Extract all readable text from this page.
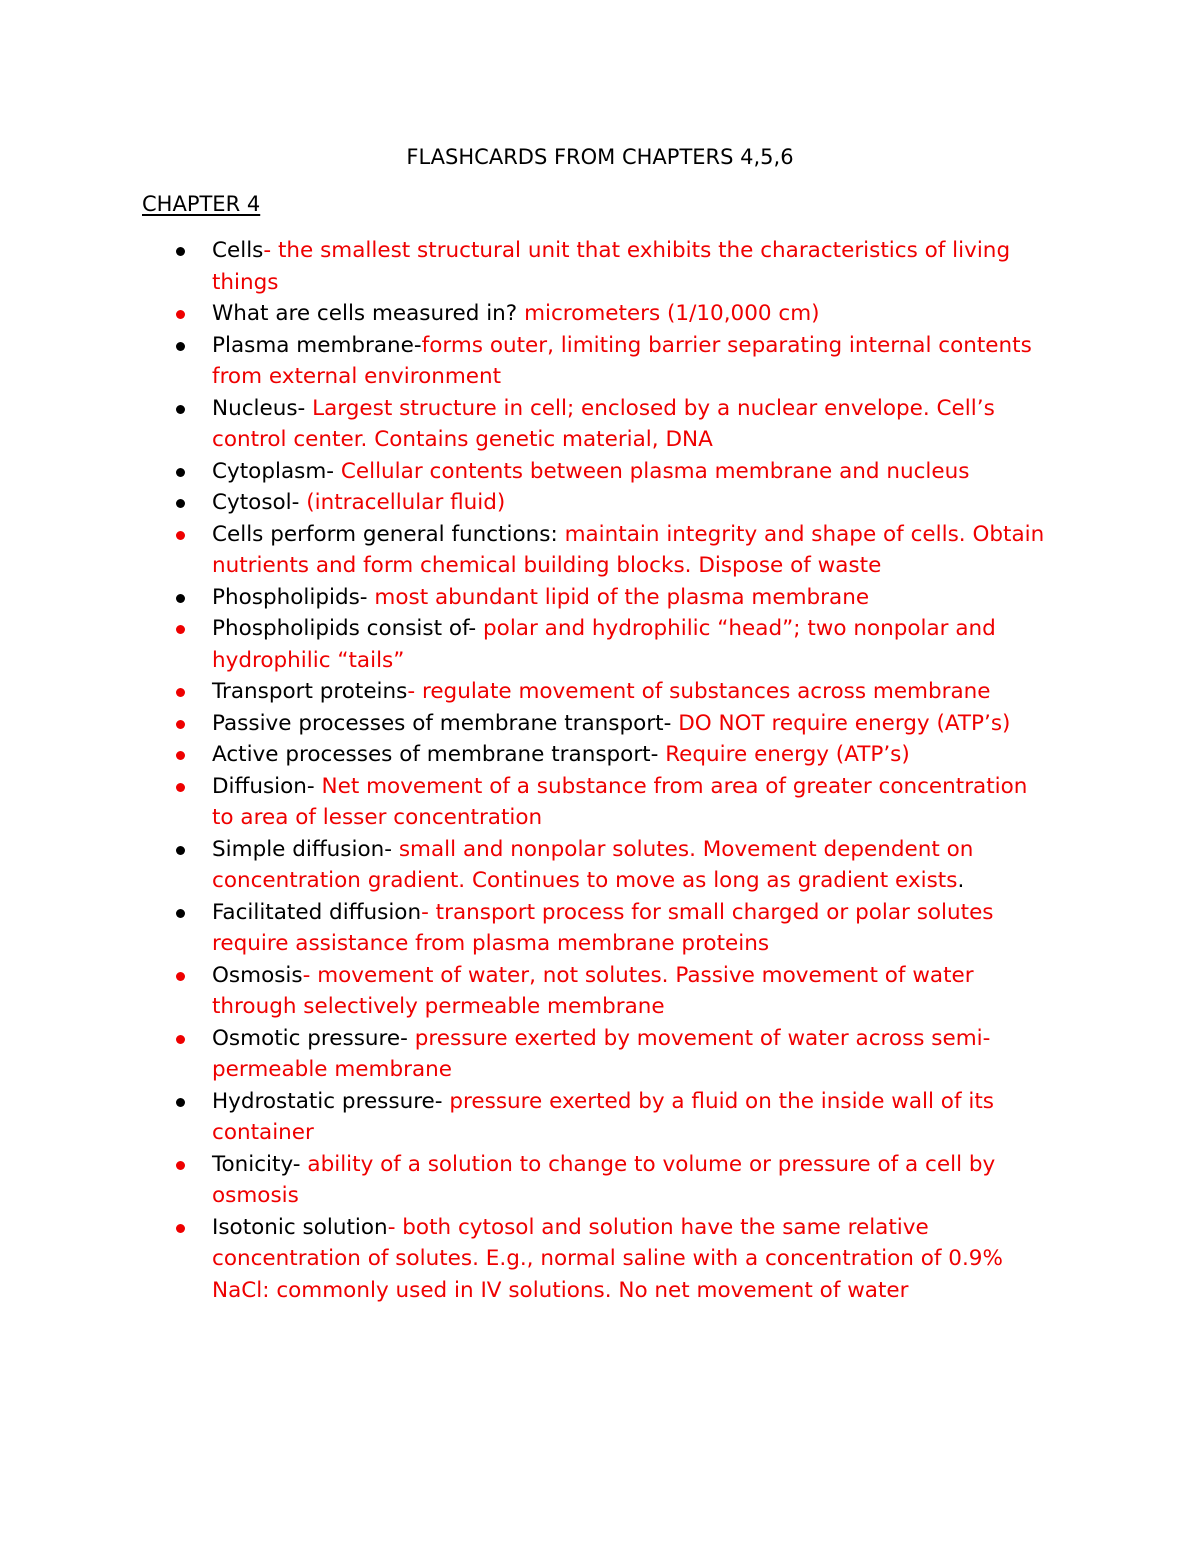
FLASHCARDS FROM CHAPTERS 4,5,6
CHAPTER 4
Cells- the smallest structural unit that exhibits the characteristics of living things
What are cells measured in? micrometers (1/10,000 cm)
Plasma membrane-forms outer, limiting barrier separating internal contents from external environment
Nucleus- Largest structure in cell; enclosed by a nuclear envelope. Cell’s control center. Contains genetic material, DNA
Cytoplasm- Cellular contents between plasma membrane and nucleus
Cytosol- (intracellular fluid)
Cells perform general functions: maintain integrity and shape of cells. Obtain nutrients and form chemical building blocks. Dispose of waste
Phospholipids- most abundant lipid of the plasma membrane
Phospholipids consist of- polar and hydrophilic “head”; two nonpolar and hydrophilic “tails”
Transport proteins- regulate movement of substances across membrane
Passive processes of membrane transport- DO NOT require energy (ATP’s)
Active processes of membrane transport- Require energy (ATP’s)
Diffusion- Net movement of a substance from area of greater concentration to area of lesser concentration
Simple diffusion- small and nonpolar solutes. Movement dependent on concentration gradient. Continues to move as long as gradient exists.
Facilitated diffusion- transport process for small charged or polar solutes require assistance from plasma membrane proteins
Osmosis- movement of water, not solutes. Passive movement of water through selectively permeable membrane
Osmotic pressure- pressure exerted by movement of water across semi-permeable membrane
Hydrostatic pressure- pressure exerted by a fluid on the inside wall of its container
Tonicity- ability of a solution to change to volume or pressure of a cell by osmosis
Isotonic solution- both cytosol and solution have the same relative concentration of solutes. E.g., normal saline with a concentration of 0.9% NaCl: commonly used in IV solutions. No net movement of water
